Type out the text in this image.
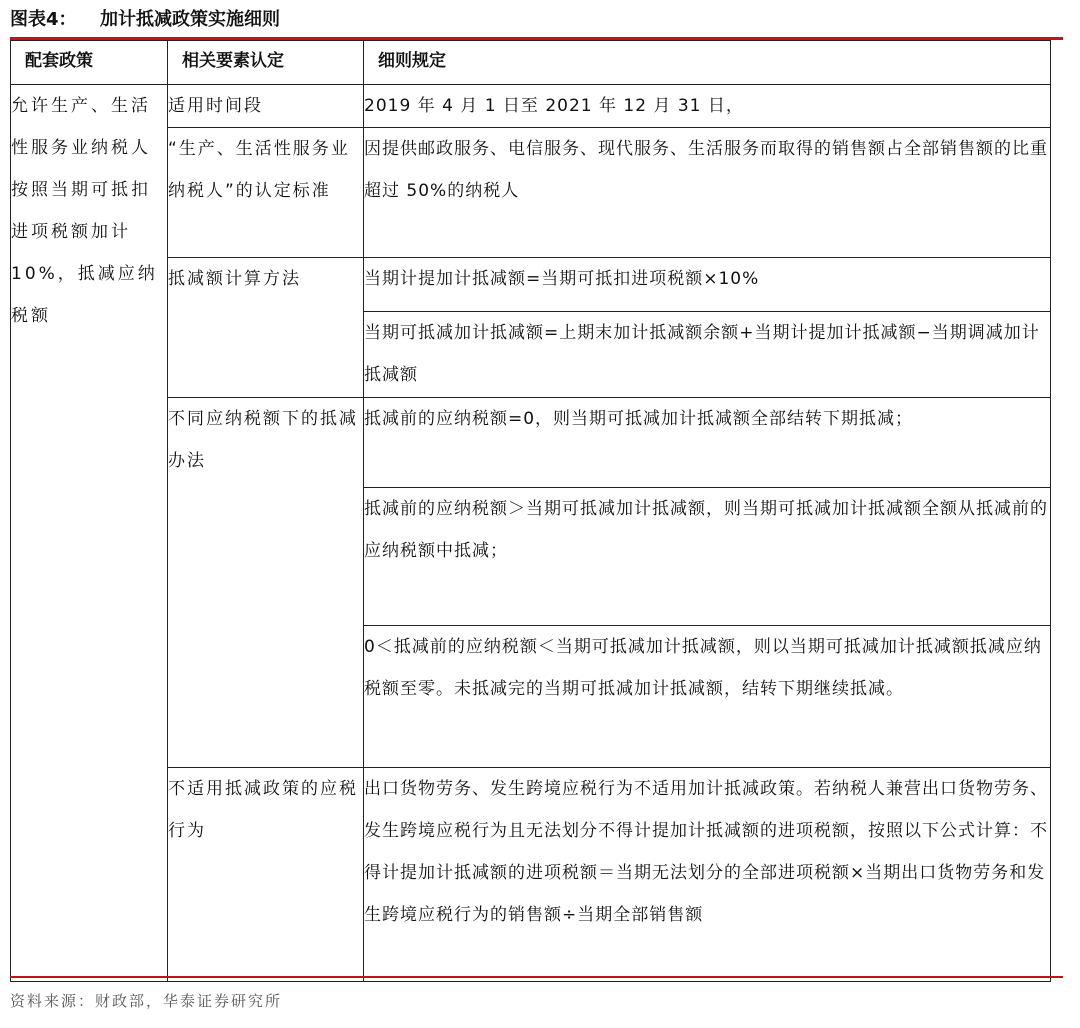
图表4： 加计抵减政策实施细则
配套政策	相关要素认定	细则规定
允许生产、生活性服务业纳税人按照当期可抵扣进项税额加计10%，抵减应纳税额	适用时间段	2019 年 4 月 1 日至 2021 年 12 月 31 日，
	“生产、生活性服务业纳税人”的认定标准	因提供邮政服务、电信服务、现代服务、生活服务而取得的销售额占全部销售额的比重超过 50%的纳税人
	抵减额计算方法	当期计提加计抵减额=当期可抵扣进项税额×10%
		当期可抵减加计抵减额=上期末加计抵减额余额+当期计提加计抵减额−当期调减加计抵减额
	不同应纳税额下的抵减办法	抵减前的应纳税额=0，则当期可抵减加计抵减额全部结转下期抵减；
		抵减前的应纳税额＞当期可抵减加计抵减额，则当期可抵减加计抵减额全额从抵减前的应纳税额中抵减；
		0＜抵减前的应纳税额＜当期可抵减加计抵减额，则以当期可抵减加计抵减额抵减应纳税额至零。未抵减完的当期可抵减加计抵减额，结转下期继续抵减。
	不适用抵减政策的应税行为	出口货物劳务、发生跨境应税行为不适用加计抵减政策。若纳税人兼营出口货物劳务、发生跨境应税行为且无法划分不得计提加计抵减额的进项税额，按照以下公式计算：不得计提加计抵减额的进项税额＝当期无法划分的全部进项税额×当期出口货物劳务和发生跨境应税行为的销售额÷当期全部销售额
资料来源：财政部，华泰证券研究所
